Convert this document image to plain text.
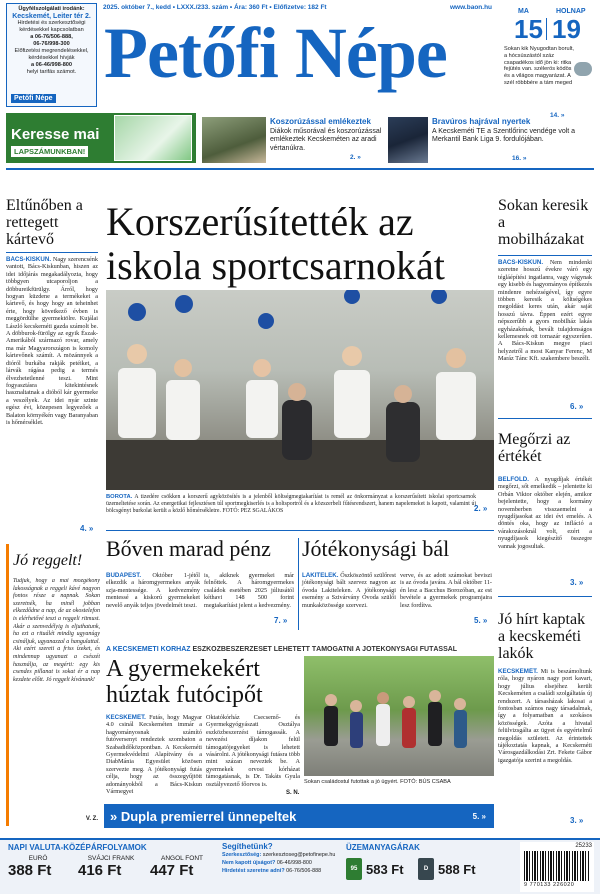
Ügyfélszolgálati irodánk:
Kecskemét, Leiter tér 2.
Hirdetési és szerkesztőségi
kérdésekkel kapcsolatban
a 06-76/506-888,
06-76/998-300
Előfizetési megrendelésekkel,
kérdésekkel hívják
a 06-46/998-800
helyi tarifás számot.
Petőfi Népe
2025. október 7., kedd • LXXX./233. szám • Ára: 360 Ft • Előfizetve: 182 Ft	www.baon.hu
Petőfi Népe
MA	HOLNAP
15 19
Sokan kik Nyugodtan borult, a hócsúszástól száz csapadékos idő jön ki: ritka fejütés van. szélerös ködös és a világos magyarázat. A szél röbbbére a tám meged
14. »
Keresse mai
LAPSZÁMUNKBAN!
Koszorúzással emlékeztek
Diákok műsorával és koszorúzással emlékeztek Kecskeméten az aradi vértanúkra.
2. »
Bravúros hajrával nyertek
A Kecskeméti TE a Szentlőrinc vendége volt a Merkantil Bank Liga 9. fordulójában.
16. »
Eltűnőben a rettegett kártevő
BÁCS-KISKUN. Nagy szerencsénk vantott, Bács-Kiskunban, hiszen az idei időjárás megakadályozta, hogy többgyen utcaporoljon a döbbureikfürülgy. Árról, hogy hogyan küzdene a termékeket a kártevő, és hogy hogy an teheinhet érte, hogy következő évben is meggördülhe gyermektölre. Kujálai László kecskeméti gazda számolt be. A döbburok-fürölgy az egyik Észak-Amerikából származó rovar, amely ma már Magyarországon is komoly kártevőnek számít. A mözánnyek a dióról burkába rakják petéiket, a lárvák rágása pedig a termés élvezhetetlenné teszi. Mint fogyasztásra kitekintésnek hasznaltatnak a dióból kár gyermeke a veszélyek. Az idei nyár szinte egész évi, közepesen legyezőek a Balaton környékén vagy Baranyaban is hőmérséklet.
4. »
Korszerűsítették az iskola sportcsarnokát
BOROTA. A tizedére csökken a korszerű agyközösítés is a jelenből költségmegtakarítást is remél az önkormányzat a korszerűsített iskolai sportcsarnok üzemeltetése során. Az energetikai fejlesztésen túl sportmegkiserlés is a holtsportról és a közszerbeli fűtésrendszert, hanem napelemeket is kapott, valamint új bölcsgényt burkolat került a közlő hőmérsékletre. FOTÓ: PEZ SGALÁKOS	2. »
Sokan keresik a mobilházakat
BÁCS-KISKUN. Nem mindenki szeretne hosszú évekre váró egy tégláépítési ingatlanra, vagy vágynak egy kisebb és hagyományos építkezés mindenre nehézségével, így egyre többen keresik a költségékes megoldást keres után, akár saját hosszú távra. Éppen ezért egyre népszerűbb a gyors mobilház lakás egyházakénak, bevált tulajdonságos kellemesnek ott tornazár egyszerűen. A Bács-Kiskun megye piaci helyzetről a most Kanyar Ferenc, M Maráz Tánc Kft. szakembere beszélt.
6. »
Megőrzi az értékét
BELFÖLD. A nyugdíjak értékét megőrzi, sőt emelkedik – jelentette ki Orbán Viktor október elején, amikor bejelentette, hogy a kormány novemberben visszaemelni a nyugdíjasokat az idei évi emelés. A döntés oka, hogy az infláció a várakozásoknál volt, ezért a nyugdíjasok kiegészítő összegre vannak jogosultak.
3. »
Jó hírt kaptak a kecskeméti lakók
KECSKEMÉT. Mi is beszámoltunk róla, hogy nyáron nagy port kavart, hogy július elsejéhez került Kecskeméten a családi szolgáltatás új rendszert. A társasházak lakosai a fontosban számos nagy társadalmak, így a folyamatban a szokásos közösségek. Azóta a hivatal felülvizsgálta az ügyet és egyértelmű megoldás született. Az érintettek tájékoztatás kapnak, a Kecskeméti Városgazdálkodási Zrt. Fekete Gábor igazgatója szerint a megoldás.
3. »
Jó reggelt!
Tudjuk, hogy a mai mozgékony lakosságnak a reggeli kávé nagyon fontos része a napnak. Sokan szeretnék, ha minél jobban elkezdődne a nap, de az okostelefon is elérhetővé teszi a reggeli ritmust. Akár a szenvedélyig is eljuthatunk, ha ezt a rituálét mindig ugyanúgy csináljuk, ugyanazzal a hangulattal. Aki ezért szereti a friss ízeket, és mindennap ugyanazt a csészét használja, az megérti: egy kis csendes pillanat is sokat ér a nap kezdete előtt. Jó reggelt kívánunk!
V. Z.
Bőven marad pénz
BUDAPEST. Október 1-jétől elkezdik a háromgyermekes anyák szja-mentessége. A kedvezmény mentessé a kiskorú gyermekeket nevelő anyák teljes jövedelmét teszi.
is, akiknek gyermekei már felnőttek. A háromgyermekes családok esetében 2025 júliusától kéthavi 148 500 forint megtakarítást jelent a kedvezmény.
7. »
Jótékonysági bál
LAKITELEK. Őszköszöntő szülőrest jótékonysági bált szervez nagyon az óvoda Lakiteleken. A jótékonysági esemény a Szivárvány Óvoda szülői munkaközössége szervezi.
verve, és az adott számokat beviszi is az óvoda javára. A bál október 11-én lesz a Bacchus Borozóban, az est bevétele a gyermekek programjaira lesz fordítva.
5. »
A KECSKEMÉTI KÓRHÁZ ESZKÖZBESZERZÉSÉT LEHETETT TÁMOGATNI A JÓTÉKONYSÁGI FUTÁSSAL
A gyermekekért húztak futócipőt
KECSKEMÉT. Futás, hogy Magyar 4.0 csinál Kecskeméten immár a hagyományosnak számító futóversenyt rendeztek szombaton a Szabadidőközpontban. A Kecskeméti Gyermekvédelmi Alapítvány és a DiabMánia Egyesület közösen szervezte meg. A jótékonysági futás célja, hogy az összegyűjtött adományokból a Bács-Kiskun Vármegyei
Oktatókórház Csecsemő- és Gyermekgyógyászati Osztálya eszközbeszerzést támogassák. A nevezési díjakon felül támogatójegyeket is lehetett vásárolni. A jótékonysági futásra több mint százan neveztek be. A gyermekek orvosi kórházat támogatásnak, is Dr. Takáts Gyula osztályvezető főorvos is.
S. N.
Sokan családostul futottak a jó ügyért. FOTÓ: BÚS CSABA
» Dupla premierrel ünnepeltek	5. »
NAPI VALUTA-KÖZÉPÁRFOLYAMOK
EURÓ
388 Ft
SVÁJCI FRANK
416 Ft
ANGOL FONT
447 Ft
Segíthetünk?
Szerkesztőség: szerkesztoseg@petofinepe.hu
Nem kapott újságot? 06-46/998-800
Hirdetést szeretne adni? 06-76/506-888
ÜZEMANYAGÁRAK
95 583 Ft	D 588 Ft
25233
9 770133 226020
